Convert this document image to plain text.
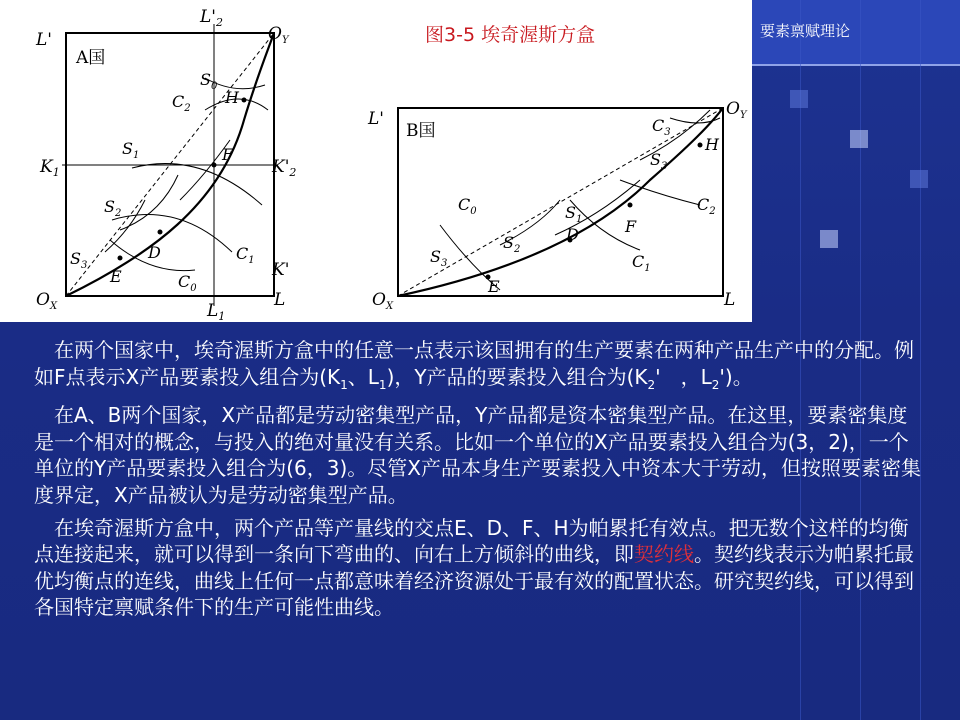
要素禀赋理论
图3-5 埃奇渥斯方盒
A国
L'
$L'_2$
$O_Y$
$K_1$	$K'_2$
K'
$O_X$	$L_1$
L
$S_0$
$C_2$
H
$S_1$	F
$S_2$
D	$C_1$
$S_3$
E	$C_0$
L'
B国
$O_Y$
$C_3$
$S_3$
H
$C_0$	$S_1$
$C_2$
D	F
$S_2$
$S_3$	$C_1$
E
$O_X$	L

　在两个国家中，埃奇渥斯方盒中的任意一点表示该国拥有的生产要素在两种产品生产中的分配。例如F点表示X产品要素投入组合为($K_1$、$L_1$)，Y产品的要素投入组合为($K_2'$　，$L_2'$)。

　在A、B两个国家，X产品都是劳动密集型产品，Y产品都是资本密集型产品。在这里，要素密集度是一个相对的概念，与投入的绝对量没有关系。比如一个单位的X产品要素投入组合为(3，2)，一个单位的Y产品要素投入组合为(6，3)。尽管X产品本身生产要素投入中资本大于劳动，但按照要素密集度界定，X产品被认为是劳动密集型产品。

　在埃奇渥斯方盒中，两个产品等产量线的交点E、D、F、H为帕累托有效点。把无数个这样的均衡点连接起来，就可以得到一条向下弯曲的、向右上方倾斜的曲线，即契约线。契约线表示为帕累托最优均衡点的连线，曲线上任何一点都意味着经济资源处于最有效的配置状态。研究契约线，可以得到各国特定禀赋条件下的生产可能性曲线。
